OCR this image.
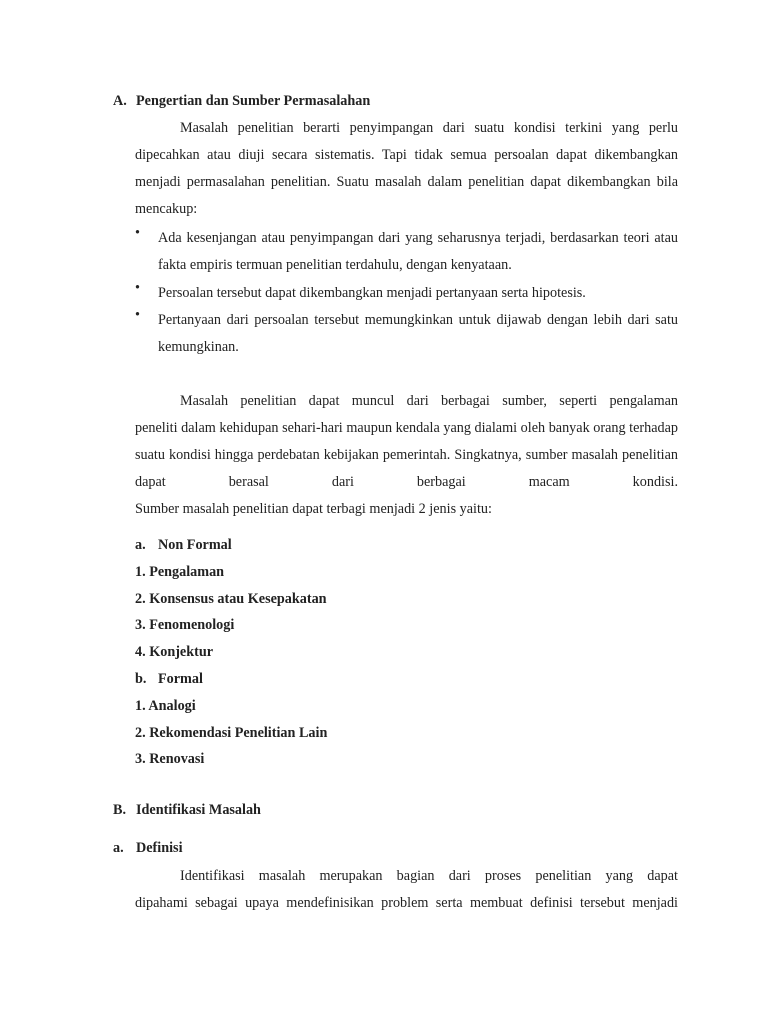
A. Pengertian dan Sumber Permasalahan
Masalah penelitian berarti penyimpangan dari suatu kondisi terkini yang perlu
dipecahkan atau diuji secara sistematis. Tapi tidak semua persoalan dapat dikembangkan menjadi permasalahan penelitian. Suatu masalah dalam penelitian dapat dikembangkan bila mencakup:
• Ada kesenjangan atau penyimpangan dari yang seharusnya terjadi, berdasarkan teori atau fakta empiris termuan penelitian terdahulu, dengan kenyataan.
• Persoalan tersebut dapat dikembangkan menjadi pertanyaan serta hipotesis.
• Pertanyaan dari persoalan tersebut memungkinkan untuk dijawab dengan lebih dari satu kemungkinan.
Masalah penelitian dapat muncul dari berbagai sumber, seperti pengalaman
peneliti dalam kehidupan sehari-hari maupun kendala yang dialami oleh banyak orang terhadap suatu kondisi hingga perdebatan kebijakan pemerintah. Singkatnya, sumber masalah penelitian dapat berasal dari berbagai macam kondisi.
Sumber masalah penelitian dapat terbagi menjadi 2 jenis yaitu:
a. Non Formal
1. Pengalaman
2. Konsensus atau Kesepakatan
3. Fenomenologi
4. Konjektur
b. Formal
1. Analogi
2. Rekomendasi Penelitian Lain
3. Renovasi
B. Identifikasi Masalah
a. Definisi
Identifikasi masalah merupakan bagian dari proses penelitian yang dapat
dipahami sebagai upaya mendefinisikan problem serta membuat definisi tersebut menjadi
